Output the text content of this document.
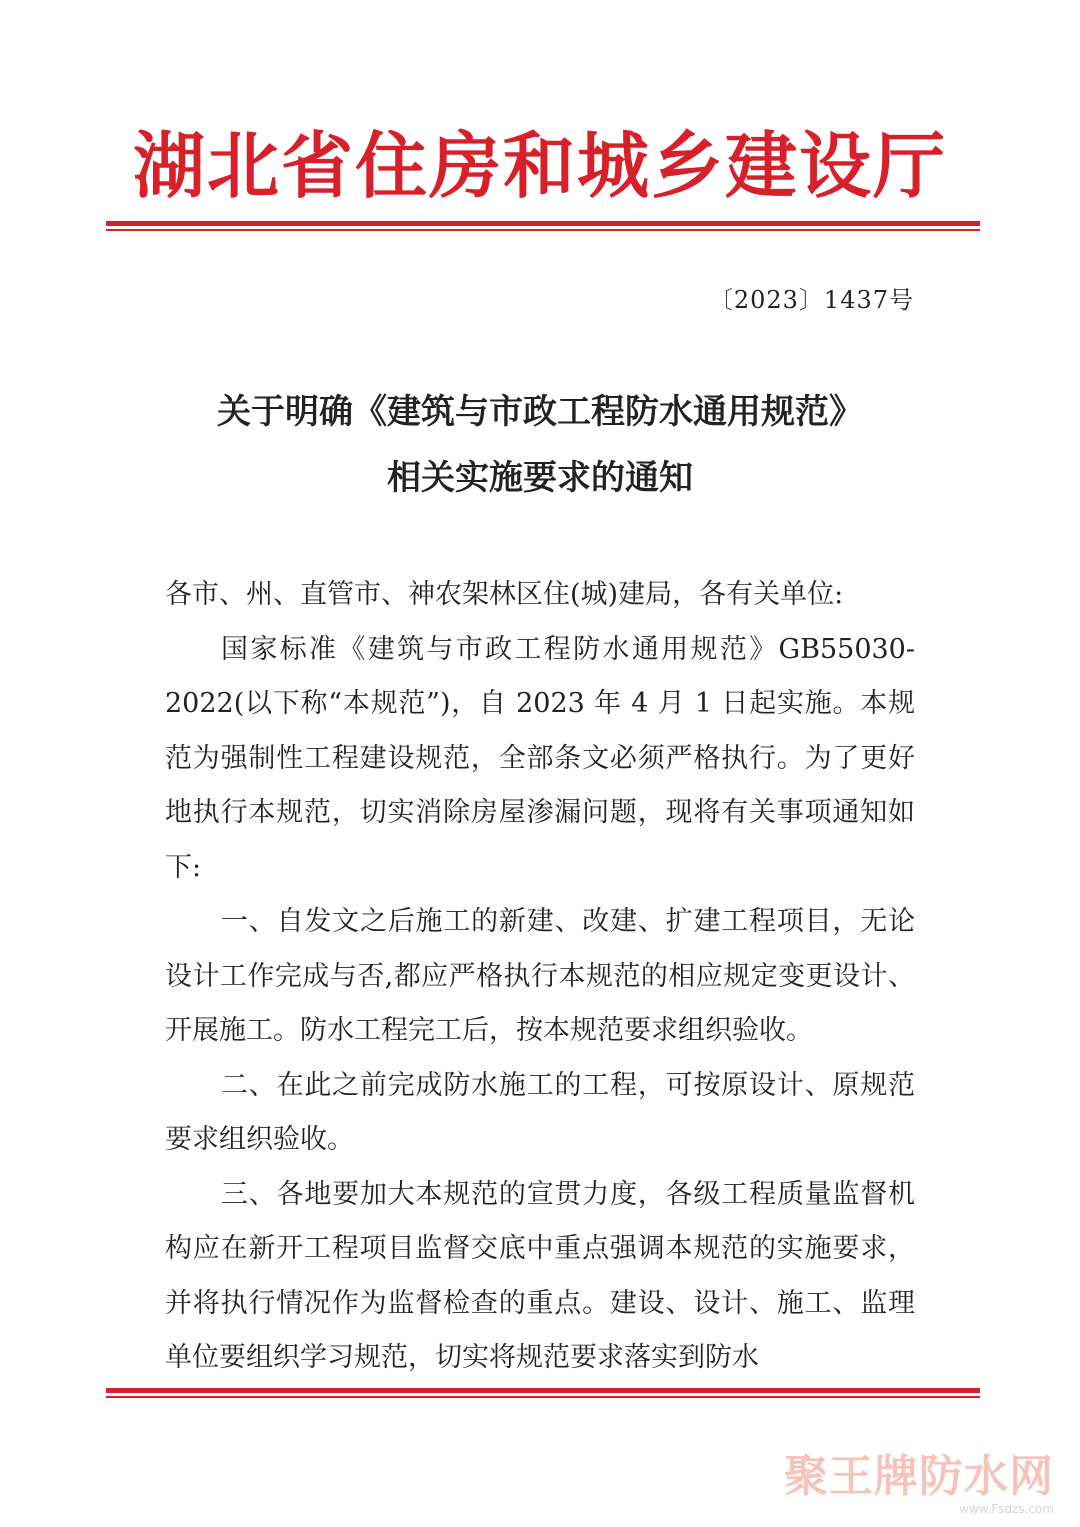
湖北省住房和城乡建设厅
〔2023〕1437号
关于明确《建筑与市政工程防水通用规范》
相关实施要求的通知

各市、州、直管市、神农架林区住(城)建局，各有关单位:

国家标准《建筑与市政工程防水通用规范》GB55030-2022(以下称“本规范”)，自 2023 年 4 月 1 日起实施。本规范为强制性工程建设规范，全部条文必须严格执行。为了更好地执行本规范，切实消除房屋渗漏问题，现将有关事项通知如下:

一、自发文之后施工的新建、改建、扩建工程项目，无论设计工作完成与否,都应严格执行本规范的相应规定变更设计、开展施工。防水工程完工后，按本规范要求组织验收。

二、在此之前完成防水施工的工程，可按原设计、原规范要求组织验收。

三、各地要加大本规范的宣贯力度，各级工程质量监督机构应在新开工程项目监督交底中重点强调本规范的实施要求，并将执行情况作为监督检查的重点。建设、设计、施工、监理单位要组织学习规范，切实将规范要求落实到防水

聚王牌防水网
www.Fsdzs.com
